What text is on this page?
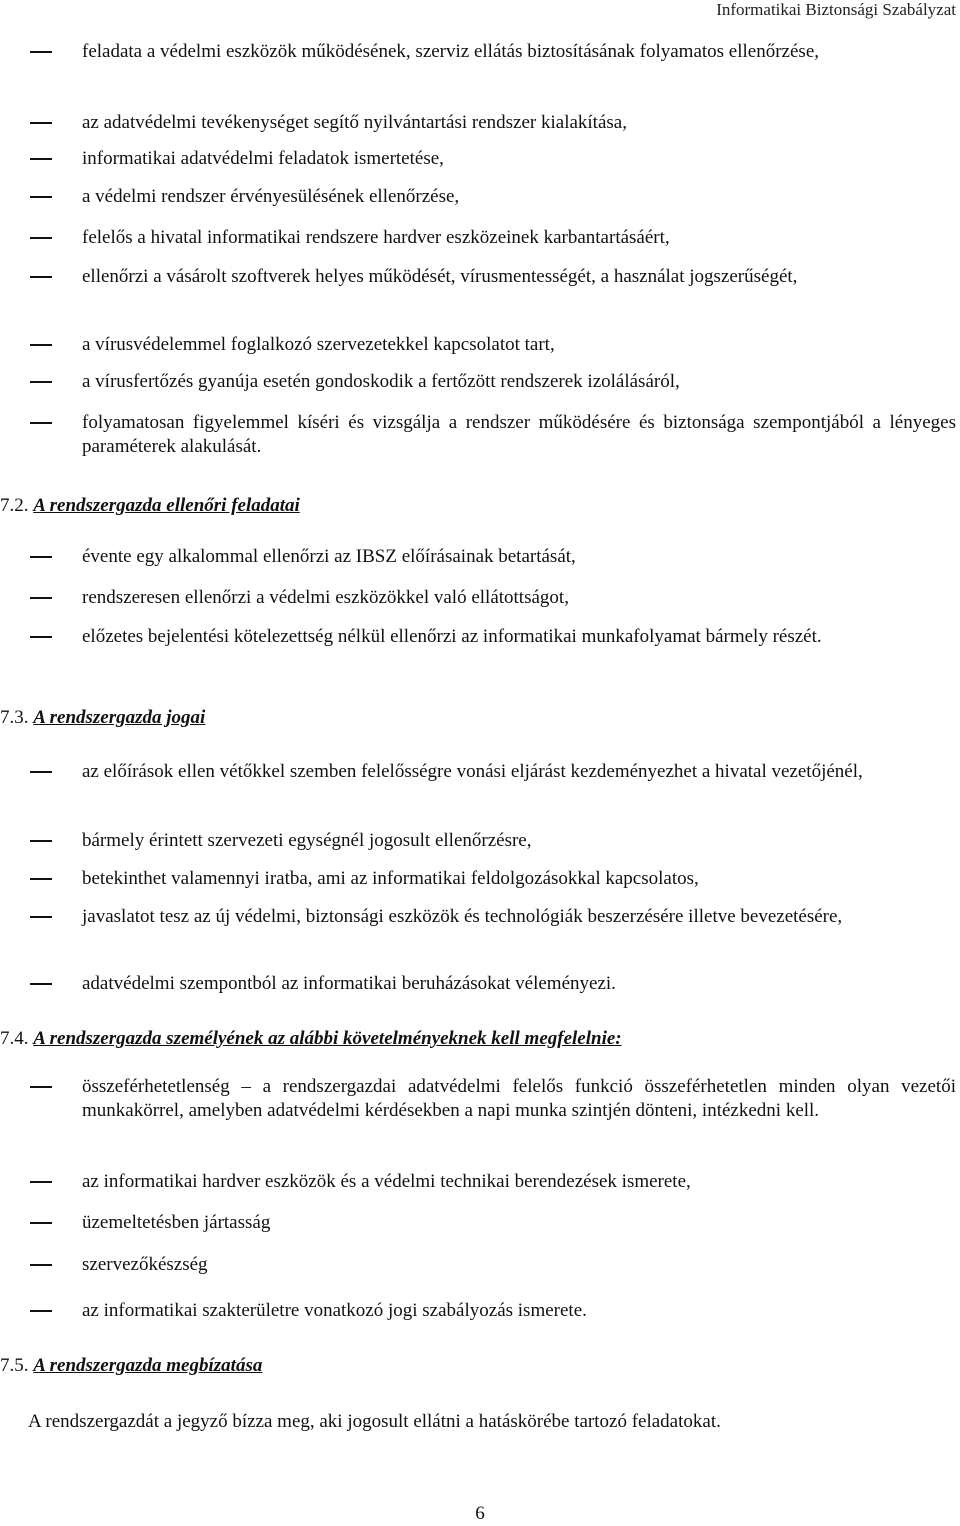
Informatikai Biztonsági Szabályzat
feladata a védelmi eszközök működésének, szerviz ellátás biztosításának folyamatos ellenőrzése,
az adatvédelmi tevékenységet segítő nyilvántartási rendszer kialakítása,
informatikai adatvédelmi feladatok ismertetése,
a védelmi rendszer érvényesülésének ellenőrzése,
felelős a hivatal informatikai rendszere hardver eszközeinek karbantartásáért,
ellenőrzi a vásárolt szoftverek helyes működését, vírusmentességét, a használat jogszerűségét,
a vírusvédelemmel foglalkozó szervezetekkel kapcsolatot tart,
a vírusfertőzés gyanúja esetén gondoskodik a fertőzött rendszerek izolálásáról,
folyamatosan figyelemmel kíséri és vizsgálja a rendszer működésére és biztonsága szempontjából a lényeges paraméterek alakulását.
7.2. A rendszergazda ellenőri feladatai
évente egy alkalommal ellenőrzi az IBSZ előírásainak betartását,
rendszeresen ellenőrzi a védelmi eszközökkel való ellátottságot,
előzetes bejelentési kötelezettség nélkül ellenőrzi az informatikai munkafolyamat bármely részét.
7.3. A rendszergazda jogai
az előírások ellen vétőkkel szemben felelősségre vonási eljárást kezdeményezhet a hivatal vezetőjénél,
bármely érintett szervezeti egységnél jogosult ellenőrzésre,
betekinthet valamennyi iratba, ami az informatikai feldolgozásokkal kapcsolatos,
javaslatot tesz az új védelmi, biztonsági eszközök és technológiák beszerzésére illetve bevezetésére,
adatvédelmi szempontból az informatikai beruházásokat véleményezi.
7.4. A rendszergazda személyének az alábbi követelményeknek kell megfelelnie:
összeférhetetlenség – a rendszergazdai adatvédelmi felelős funkció összeférhetetlen minden olyan vezetői munkakörrel, amelyben adatvédelmi kérdésekben a napi munka szintjén dönteni, intézkedni kell.
az informatikai hardver eszközök és a védelmi technikai berendezések ismerete,
üzemeltetésben jártasság
szervezőkészség
az informatikai szakterületre vonatkozó jogi szabályozás ismerete.
7.5. A rendszergazda megbízatása
A rendszergazdát a jegyző bízza meg, aki jogosult ellátni a hatáskörébe tartozó feladatokat.
6
